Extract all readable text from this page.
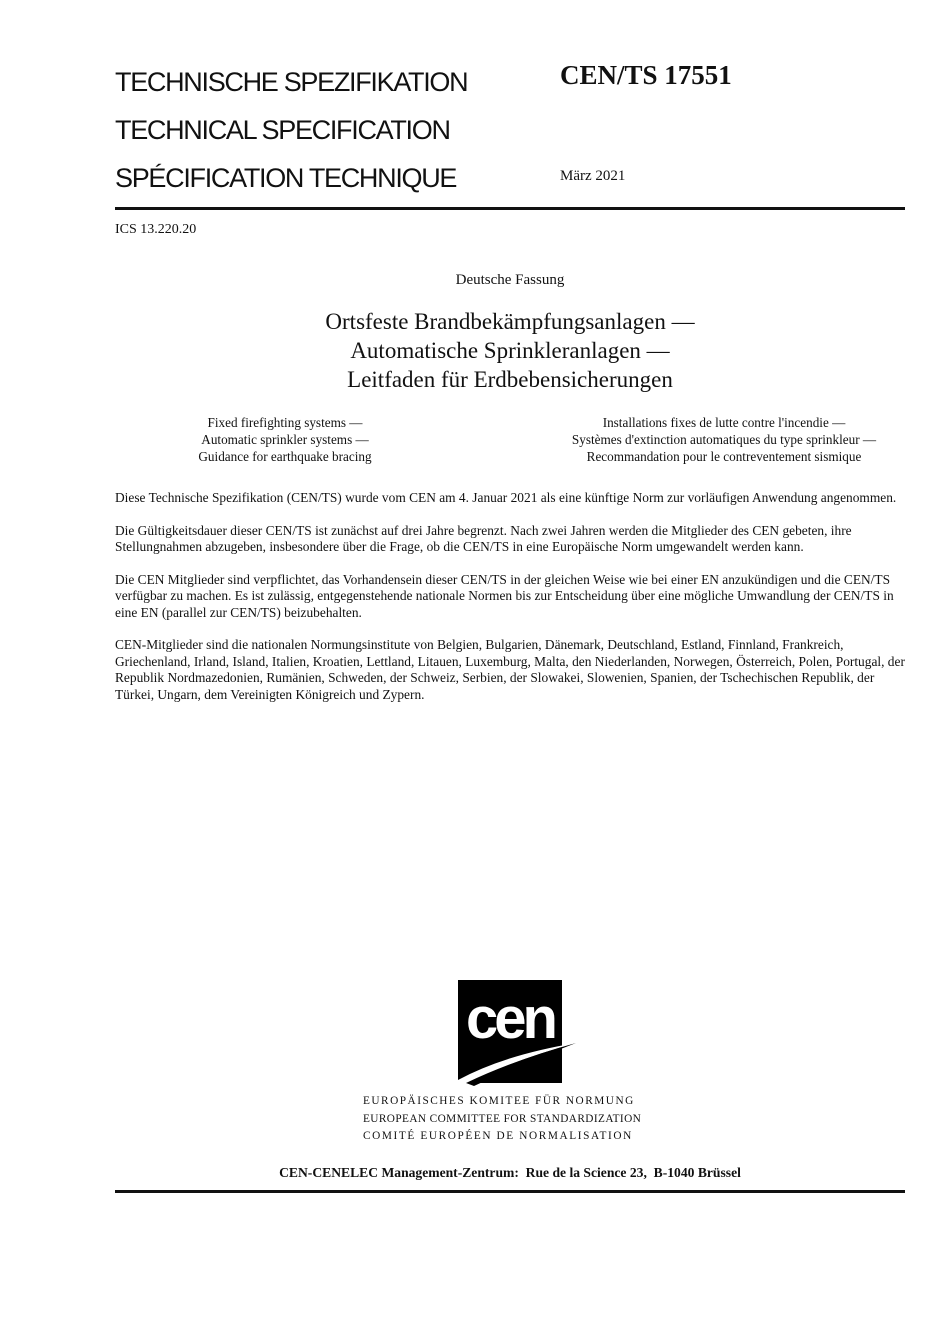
TECHNISCHE SPEZIFIKATION
TECHNICAL SPECIFICATION
SPÉCIFICATION TECHNIQUE
CEN/TS 17551
März 2021
ICS 13.220.20
Deutsche Fassung
Ortsfeste Brandbekämpfungsanlagen —
Automatische Sprinkleranlagen —
Leitfaden für Erdbebensicherungen
Fixed firefighting systems —
Automatic sprinkler systems —
Guidance for earthquake bracing
Installations fixes de lutte contre l'incendie —
Systèmes d'extinction automatiques du type sprinkleur —
Recommandation pour le contreventement sismique

Diese Technische Spezifikation (CEN/TS) wurde vom CEN am 4. Januar 2021 als eine künftige Norm zur vorläufigen Anwendung angenommen.

Die Gültigkeitsdauer dieser CEN/TS ist zunächst auf drei Jahre begrenzt. Nach zwei Jahren werden die Mitglieder des CEN gebeten, ihre Stellungnahmen abzugeben, insbesondere über die Frage, ob die CEN/TS in eine Europäische Norm umgewandelt werden kann.

Die CEN Mitglieder sind verpflichtet, das Vorhandensein dieser CEN/TS in der gleichen Weise wie bei einer EN anzukündigen und die CEN/TS verfügbar zu machen. Es ist zulässig, entgegenstehende nationale Normen bis zur Entscheidung über eine mögliche Umwandlung der CEN/TS in eine EN (parallel zur CEN/TS) beizubehalten.

CEN-Mitglieder sind die nationalen Normungsinstitute von Belgien, Bulgarien, Dänemark, Deutschland, Estland, Finnland, Frankreich, Griechenland, Irland, Island, Italien, Kroatien, Lettland, Litauen, Luxemburg, Malta, den Niederlanden, Norwegen, Österreich, Polen, Portugal, der Republik Nordmazedonien, Rumänien, Schweden, der Schweiz, Serbien, der Slowakei, Slowenien, Spanien, der Tschechischen Republik, der Türkei, Ungarn, dem Vereinigten Königreich und Zypern.

cen
EUROPÄISCHES KOMITEE FÜR NORMUNG
EUROPEAN COMMITTEE FOR STANDARDIZATION
COMITÉ EUROPÉEN DE NORMALISATION
CEN-CENELEC Management-Zentrum:  Rue de la Science 23,  B-1040 Brüssel
